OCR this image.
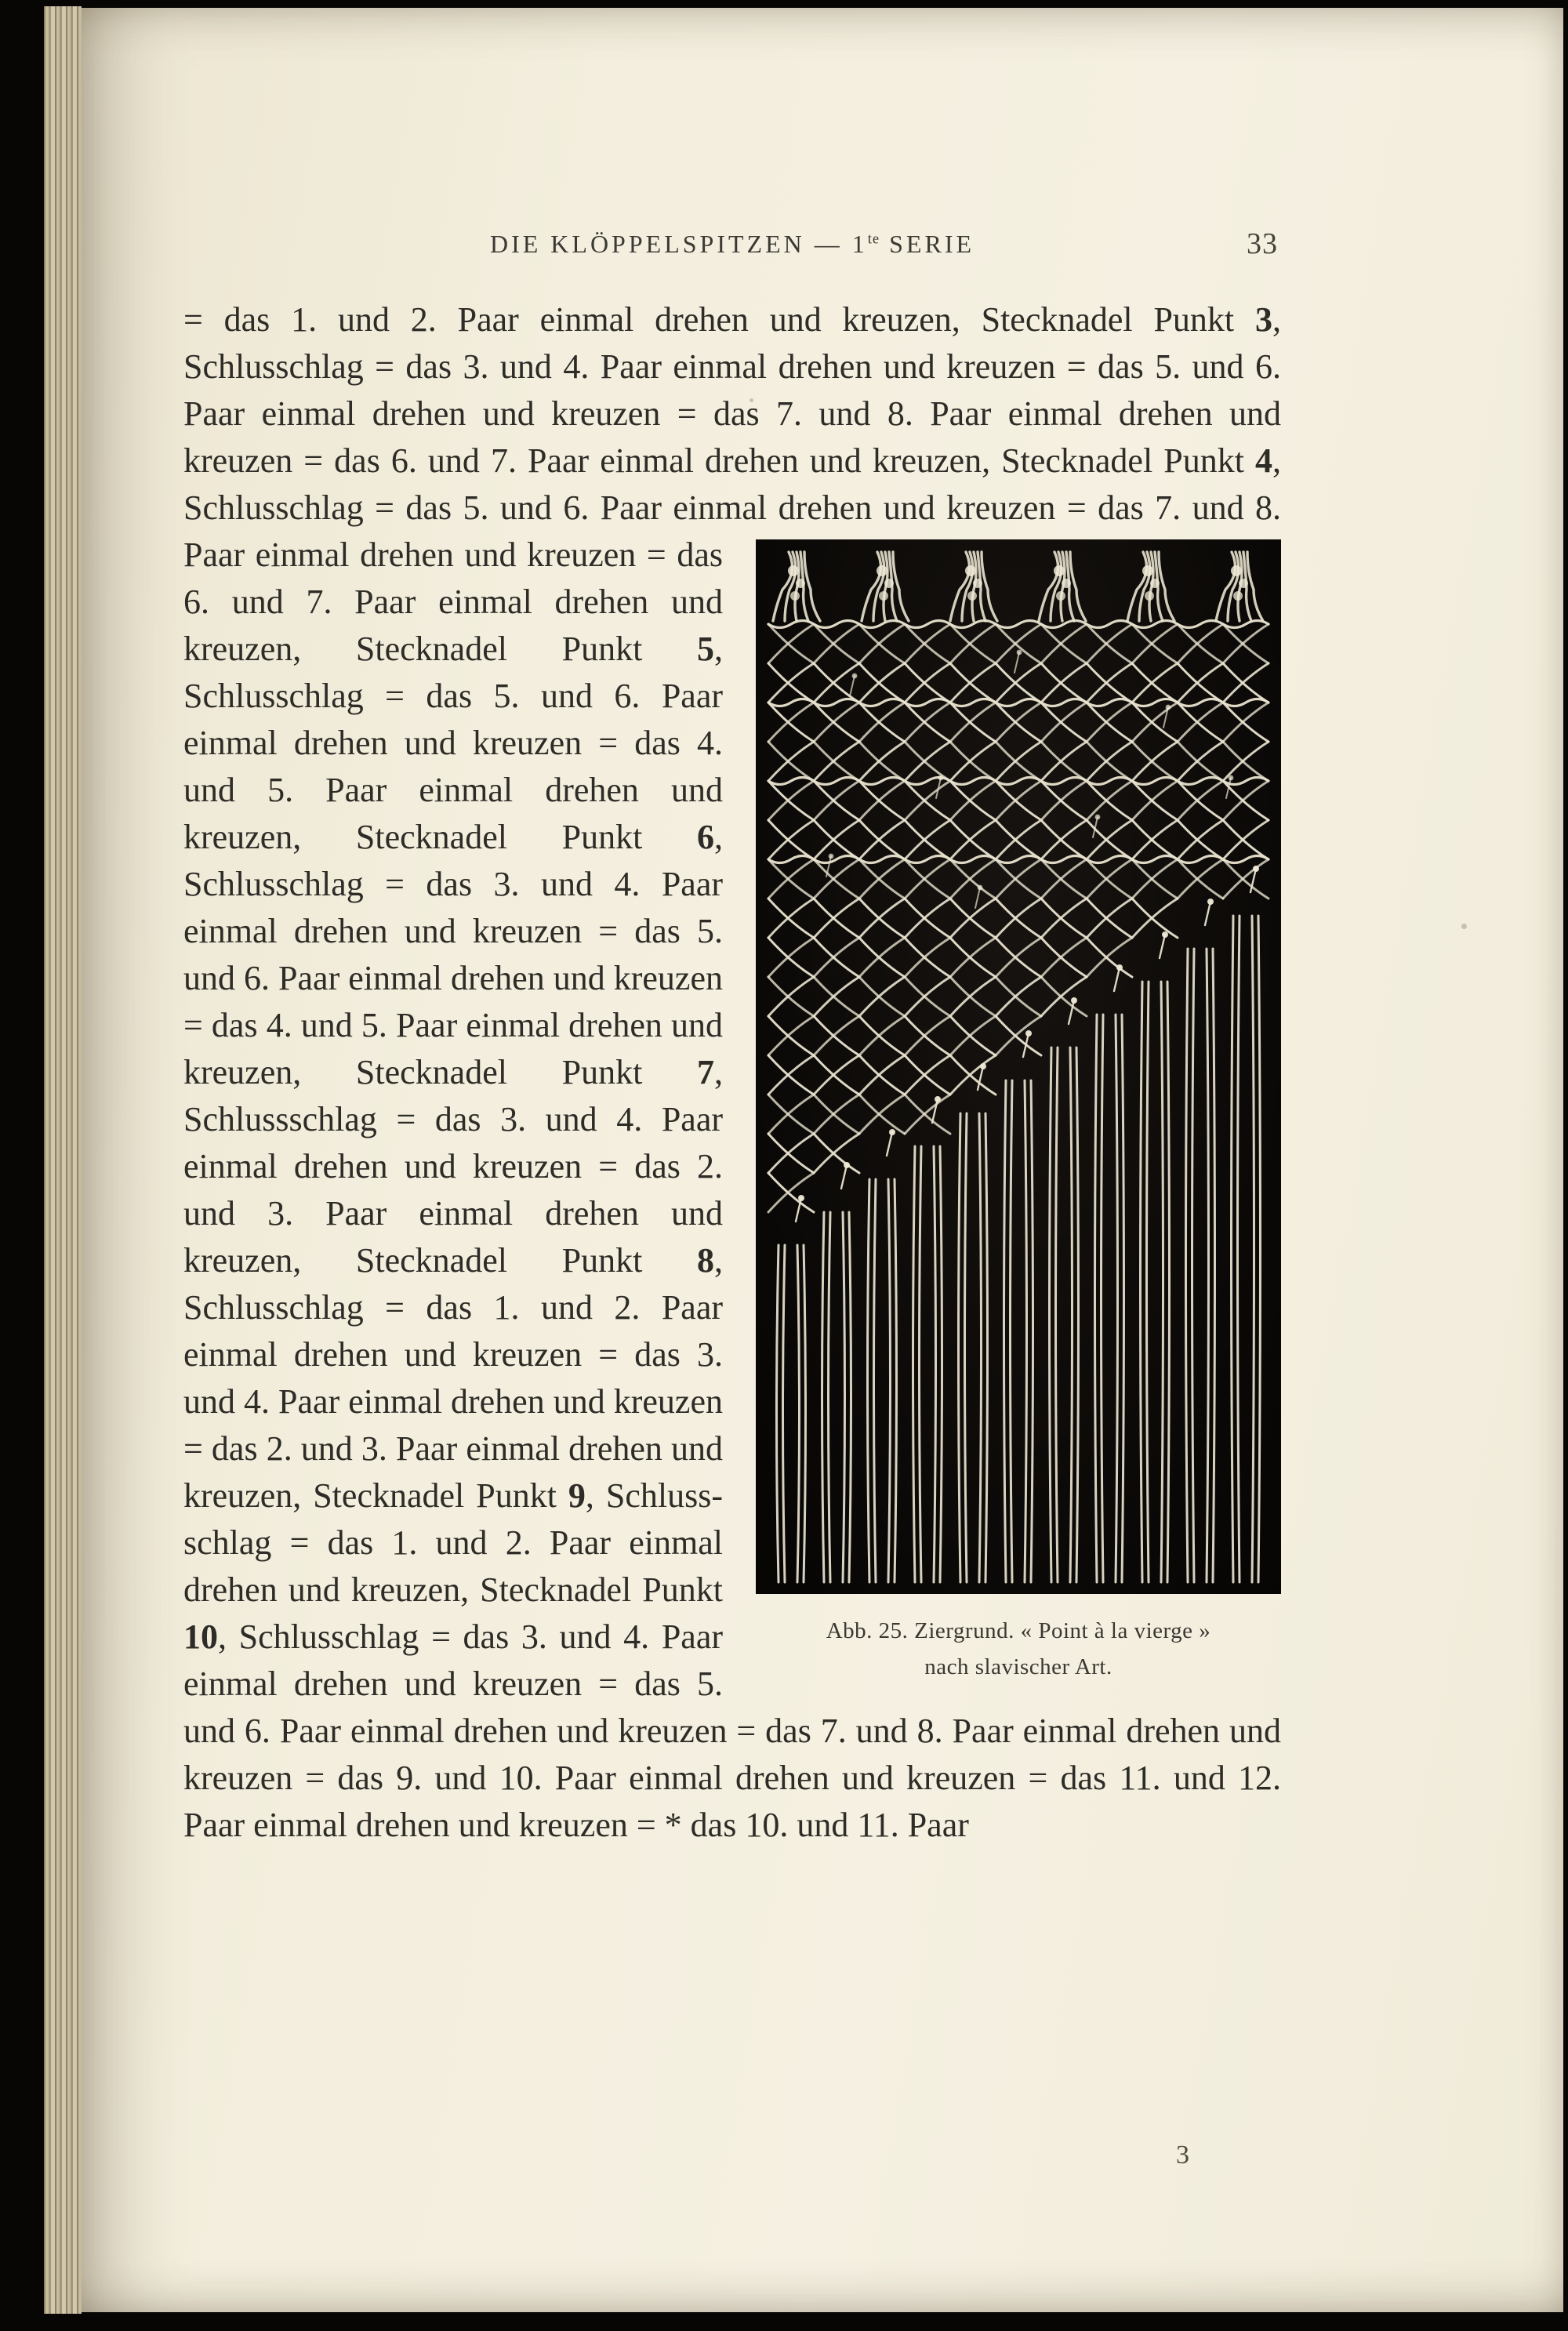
DIE KLÖPPELSPITZEN — $1^{te}$ SERIE	33
= das 1. und 2. Paar einmal drehen und kreuzen, Stecknadel Punkt 3, Schlusschlag = das 3. und 4. Paar einmal drehen und kreuzen = das 5. und 6. Paar einmal drehen und kreuzen = das 7. und 8. Paar einmal drehen und kreuzen = das 6. und 7. Paar einmal drehen und kreuzen, Stecknadel Punkt 4, Schlusschlag = das 5. und 6. Paar einmal drehen und kreuzen
Abb. 25. Ziergrund. « Point à la vierge »
nach slavischer Art.
= das 7. und 8. Paar einmal drehen und kreuzen = das 6. und 7. Paar einmal drehen und kreuzen, Stecknadel Punkt 5, Schlusschlag = das 5. und 6. Paar einmal drehen und kreuzen = das 4. und 5. Paar einmal drehen und kreuzen, Stecknadel Punkt 6, Schlusschlag = das 3. und 4. Paar einmal drehen und kreuzen = das 5. und 6. Paar einmal drehen und kreuzen = das 4. und 5. Paar einmal drehen und kreuzen, Stecknadel Punkt 7, Schlussschlag = das 3. und 4. Paar einmal drehen und kreuzen = das 2. und 3. Paar einmal drehen und kreuzen, Stecknadel Punkt 8, Schlusschlag = das 1. und 2. Paar einmal drehen und kreuzen = das 3. und 4. Paar einmal drehen und kreuzen = das 2. und 3. Paar einmal drehen und kreuzen, Stecknadel Punkt 9, Schluss- schlag = das 1. und 2. Paar einmal drehen und kreuzen, Stecknadel Punkt 10, Schlusschlag = das 3. und 4. Paar einmal drehen und kreuzen = das 5. und 6. Paar einmal drehen und kreuzen = das 7. und 8. Paar einmal drehen und kreuzen = das 9. und 10. Paar einmal drehen und kreuzen = das 11. und 12. Paar einmal drehen und kreuzen = * das 10. und 11. Paar
3
